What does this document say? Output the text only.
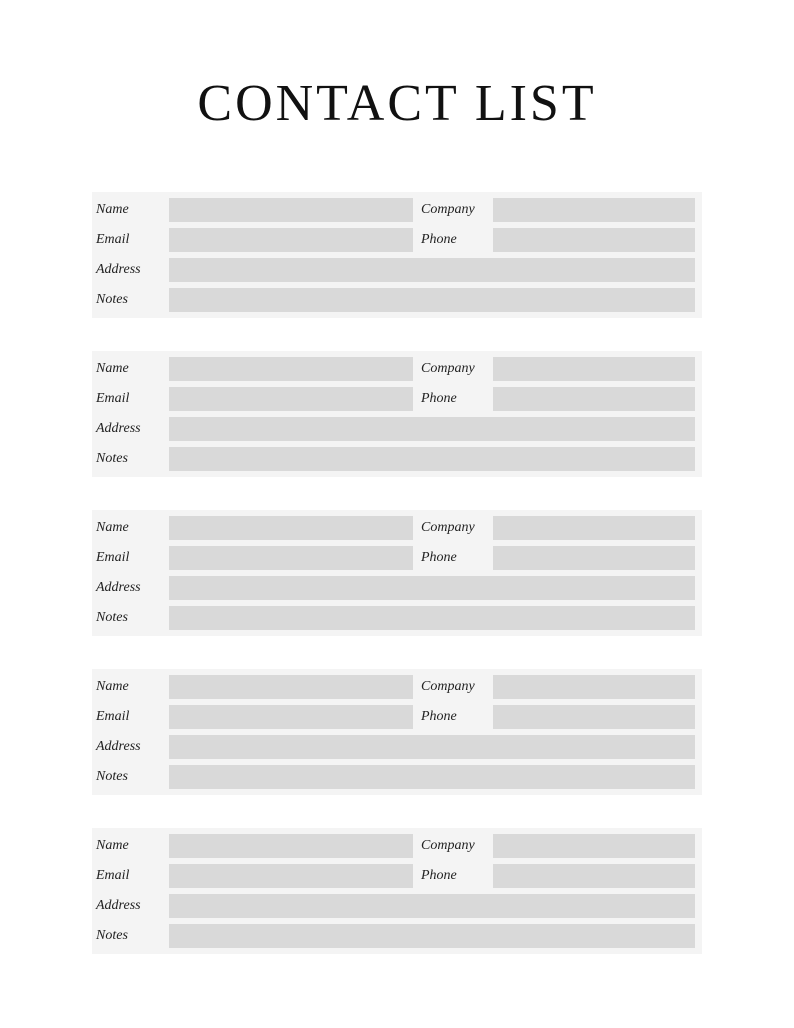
CONTACT LIST
Name
Email
Address
Notes
Company
Phone
Name
Email
Address
Notes
Company
Phone
Name
Email
Address
Notes
Company
Phone
Name
Email
Address
Notes
Company
Phone
Name
Email
Address
Notes
Company
Phone
